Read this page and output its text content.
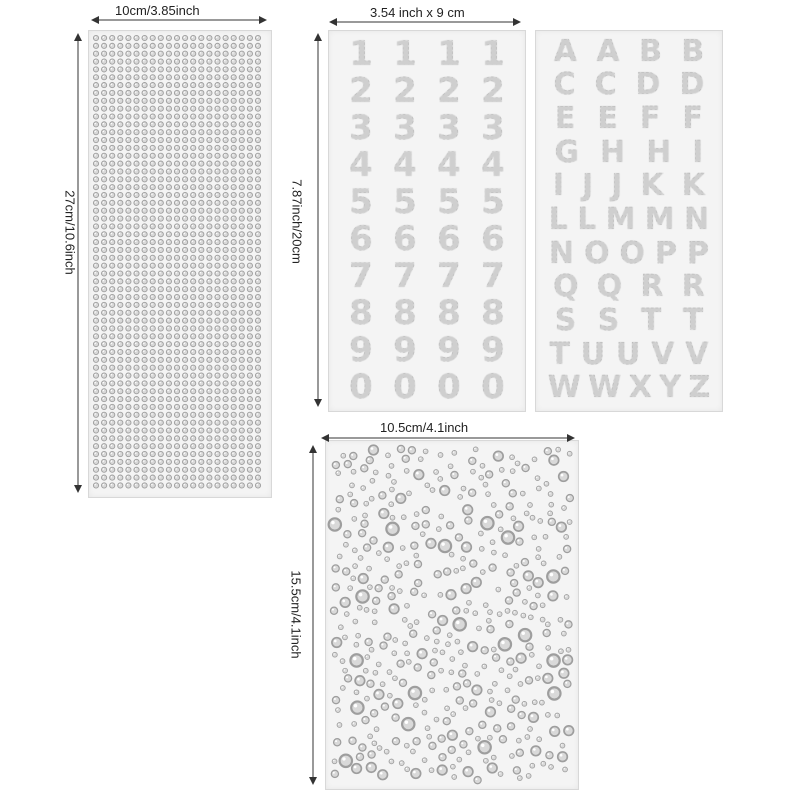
1 1 1 1
2 2 2 2
3 3 3 3
4 4 4 4
5 5 5 5
6 6 6 6
7 7 7 7
8 8 8 8
9 9 9 9
0 0 0 0
A A B B
C C D D
E E F F
G H H I
I J J K K
L L M M N
N O O P P
Q Q R R
S S T T
T U U V V
W W X Y Z
10cm/3.85inch
27cm/10.6inch
3.54 inch x 9 cm
7.87inch/20cm
10.5cm/4.1inch
15.5cm/4.1inch
